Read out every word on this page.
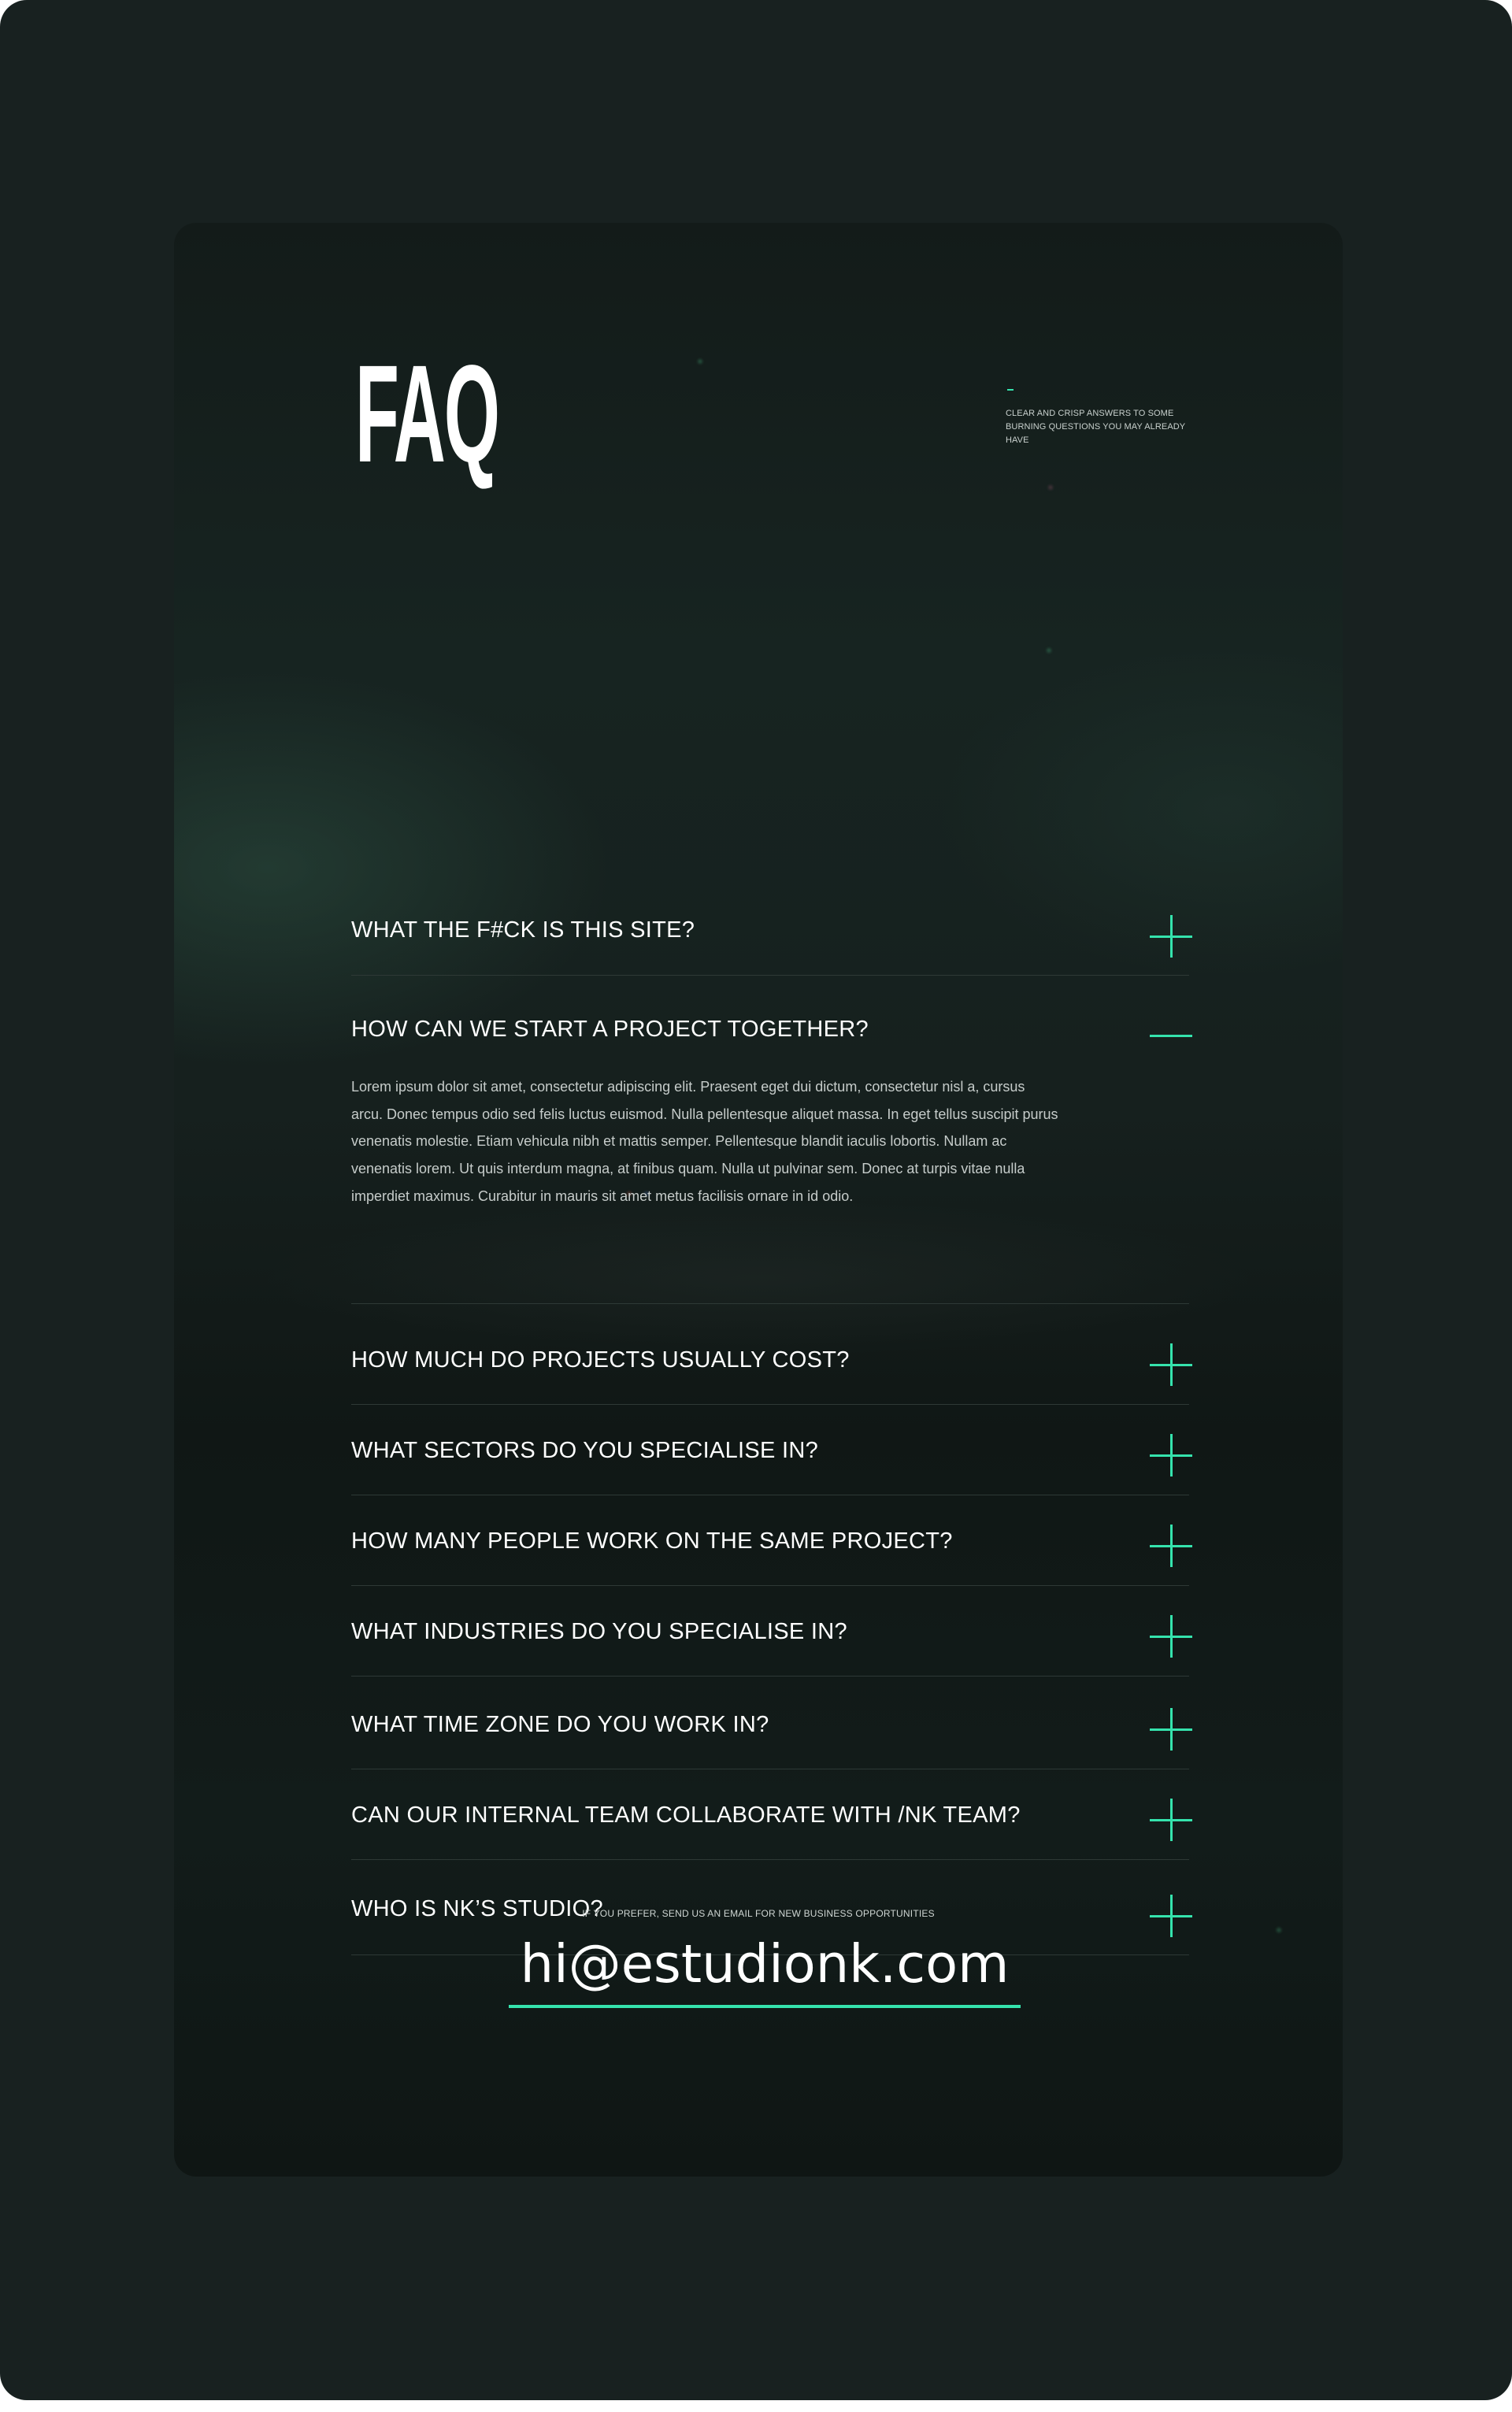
FAQ	CLEAR AND CRISP ANSWERS TO SOME BURNING QUESTIONS YOU MAY ALREADY HAVE
WHAT THE F#CK IS THIS SITE?
HOW CAN WE START A PROJECT TOGETHER?

Lorem ipsum dolor sit amet, consectetur adipiscing elit. Praesent eget dui dictum, consectetur nisl a, cursus arcu. Donec tempus odio sed felis luctus euismod. Nulla pellentesque aliquet massa. In eget tellus suscipit purus venenatis molestie. Etiam vehicula nibh et mattis semper. Pellentesque blandit iaculis lobortis. Nullam ac venenatis lorem. Ut quis interdum magna, at finibus quam. Nulla ut pulvinar sem. Donec at turpis vitae nulla imperdiet maximus. Curabitur in mauris sit amet metus facilisis ornare in id odio.

HOW MUCH DO PROJECTS USUALLY COST?
WHAT SECTORS DO YOU SPECIALISE IN?
HOW MANY PEOPLE WORK ON THE SAME PROJECT?
WHAT INDUSTRIES DO YOU SPECIALISE IN?
WHAT TIME ZONE DO YOU WORK IN?
CAN OUR INTERNAL TEAM COLLABORATE WITH /NK TEAM?
WHO IS NK’S STUDIO?
IF YOU PREFER, SEND US AN EMAIL FOR NEW BUSINESS OPPORTUNITIES
hi@estudionk.com
